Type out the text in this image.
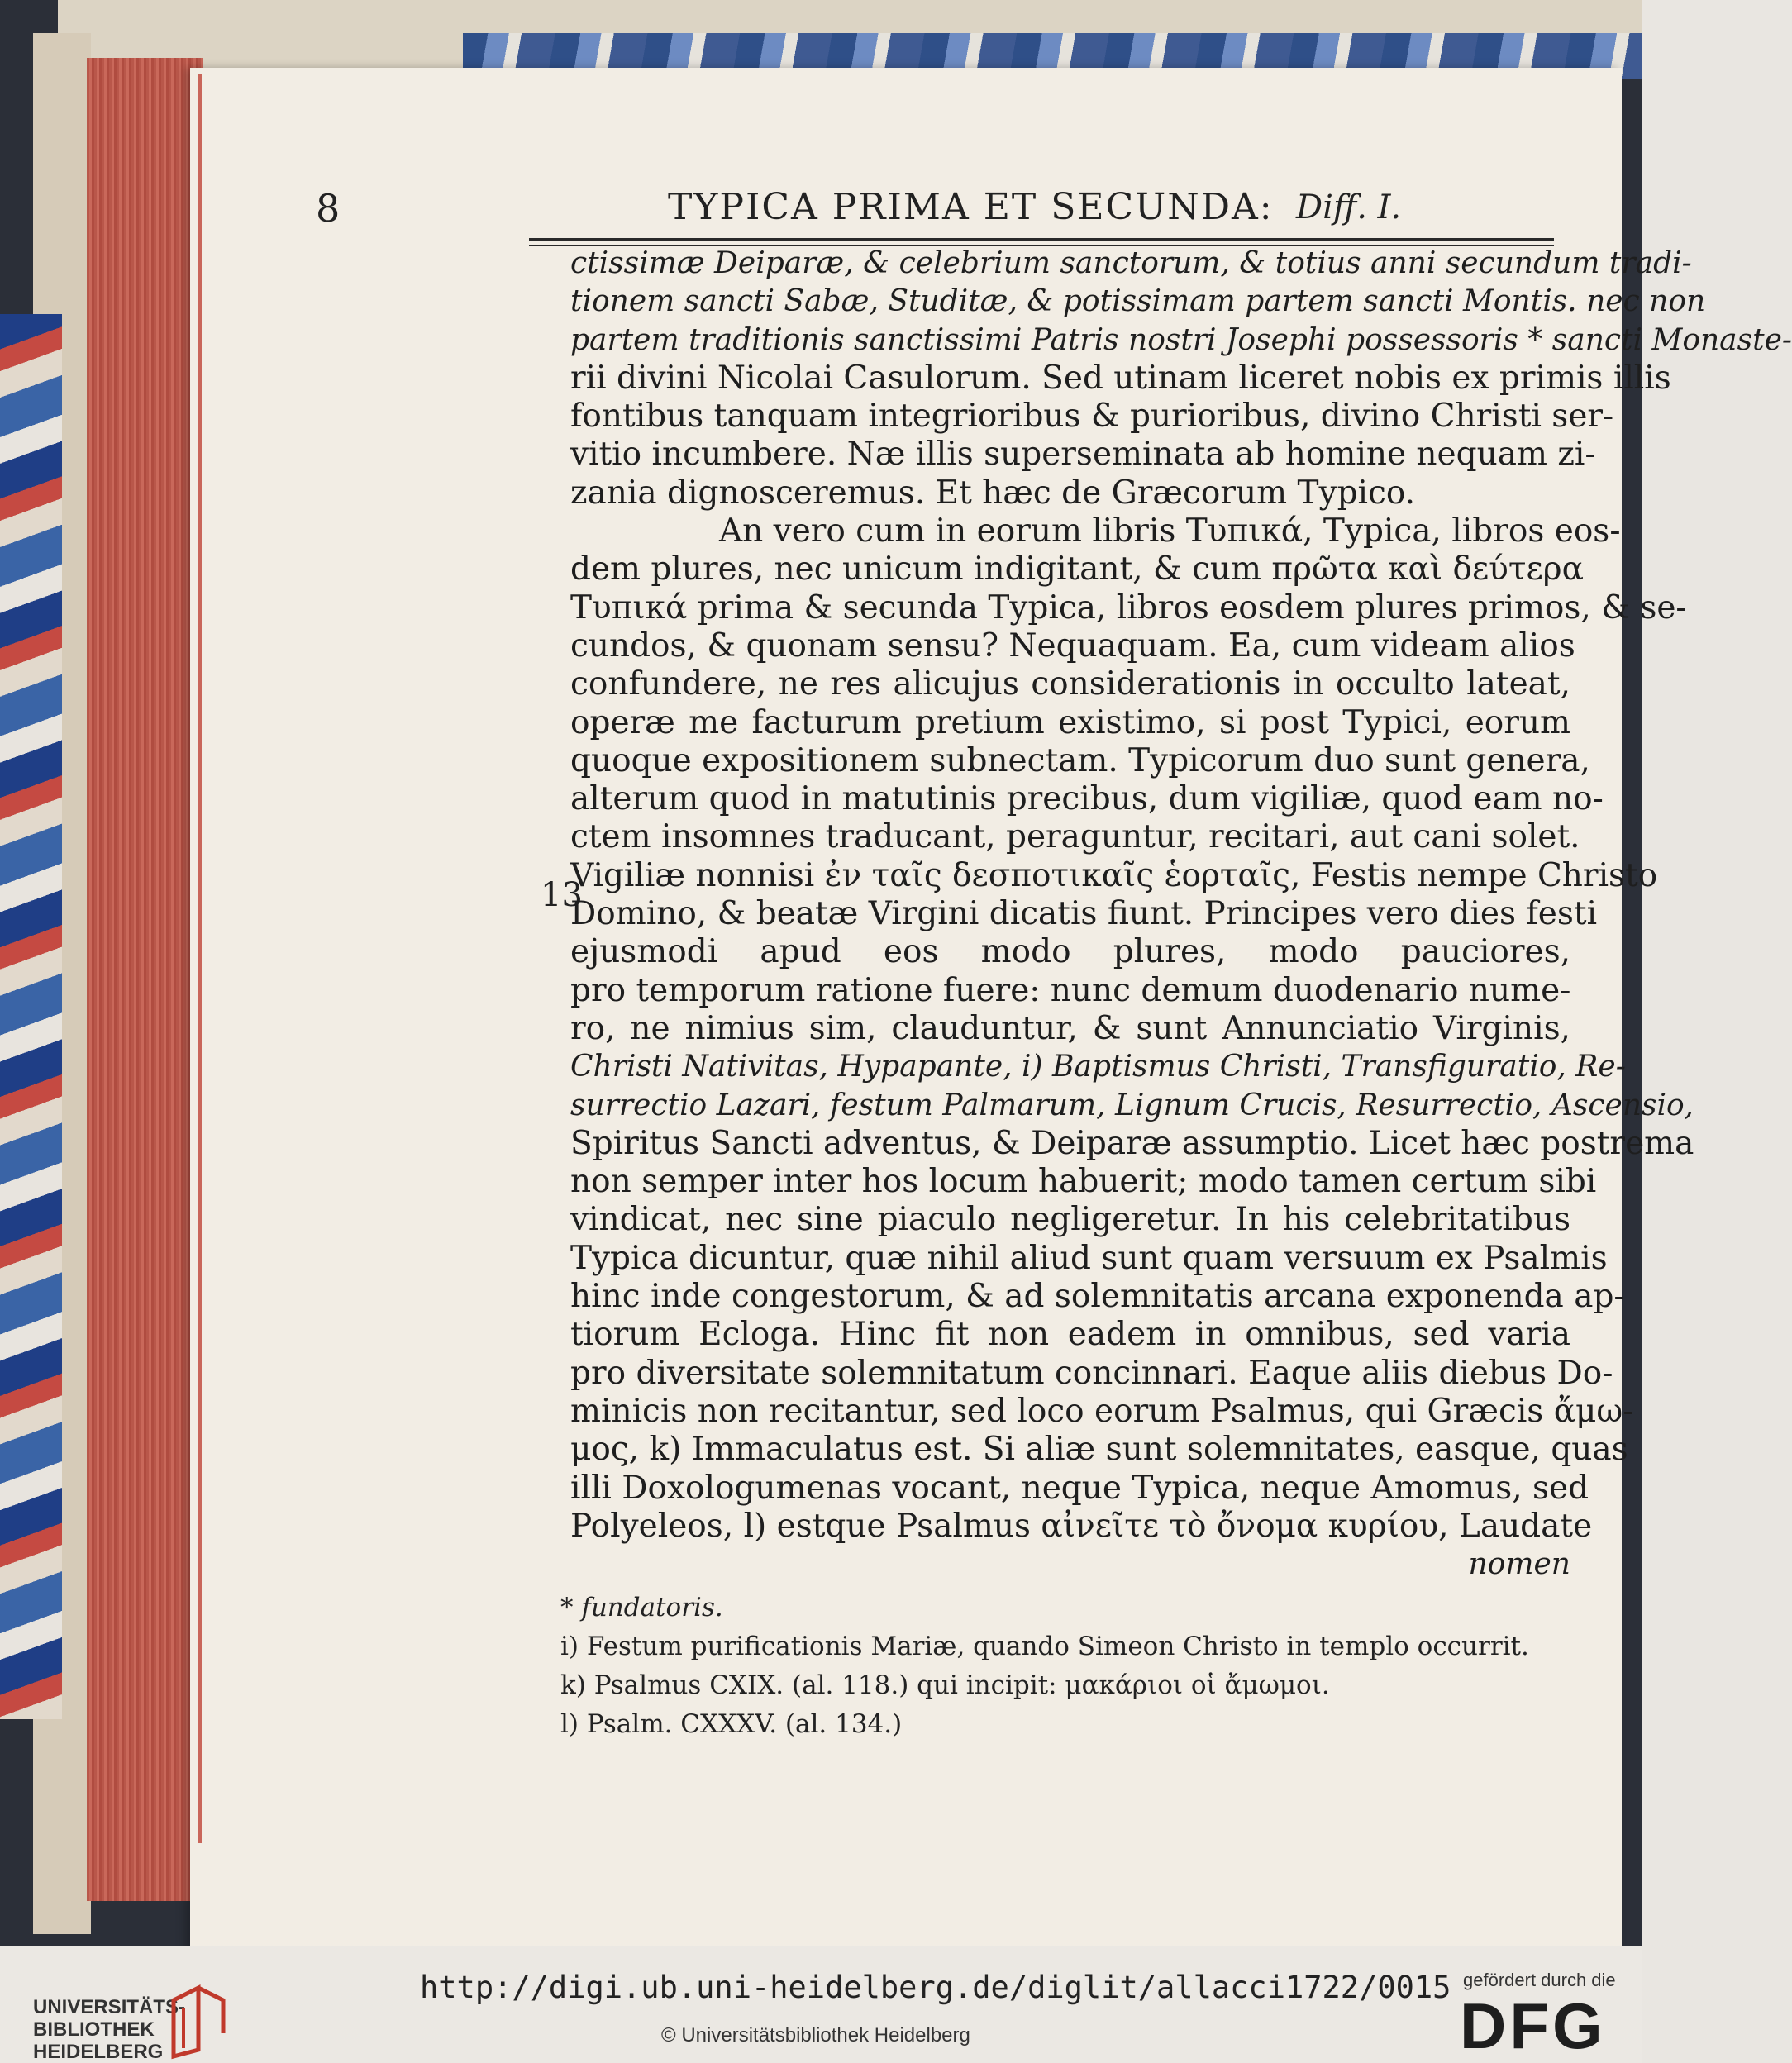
8	TYPICA PRIMA ET SECUNDA: Diff. I.
13
ctissimæ Deiparæ, & celebrium sanctorum, & totius anni secundum tradi-
tionem sancti Sabæ, Studitæ, & potissimam partem sancti Montis. nec non
partem traditionis sanctissimi Patris nostri Josephi possessoris * sancti Monaste-
rii divini Nicolai Casulorum. Sed utinam liceret nobis ex primis illis
fontibus tanquam integrioribus & purioribus, divino Christi ser-
vitio incumbere. Næ illis superseminata ab homine nequam zi-
zania dignosceremus. Et hæc de Græcorum Typico.
An vero cum in eorum libris Τυπικά, Typica, libros eos-
dem plures, nec unicum indigitant, & cum πρῶτα καὶ δεύτερα
Τυπικά prima & secunda Typica, libros eosdem plures primos, & se-
cundos, & quonam sensu? Nequaquam. Ea, cum videam alios
confundere, ne res alicujus considerationis in occulto lateat,
operæ me facturum pretium existimo, si post Typici, eorum
quoque expositionem subnectam. Typicorum duo sunt genera,
alterum quod in matutinis precibus, dum vigiliæ, quod eam no-
ctem insomnes traducant, peraguntur, recitari, aut cani solet.
Vigiliæ nonnisi ἐν ταῖς δεσποτικαῖς ἑορταῖς, Festis nempe Christo
Domino, & beatæ Virgini dicatis fiunt. Principes vero dies festi
ejusmodi apud eos modo plures, modo pauciores,
pro temporum ratione fuere: nunc demum duodenario nume-
ro, ne nimius sim, clauduntur, & sunt Annunciatio Virginis,
Christi Nativitas, Hypapante, i) Baptismus Christi, Transfiguratio, Re-
surrectio Lazari, festum Palmarum, Lignum Crucis, Resurrectio, Ascensio,
Spiritus Sancti adventus, & Deiparæ assumptio. Licet hæc postrema
non semper inter hos locum habuerit; modo tamen certum sibi
vindicat, nec sine piaculo negligeretur. In his celebritatibus
Typica dicuntur, quæ nihil aliud sunt quam versuum ex Psalmis
hinc inde congestorum, & ad solemnitatis arcana exponenda ap-
tiorum Ecloga. Hinc fit non eadem in omnibus, sed varia
pro diversitate solemnitatum concinnari. Eaque aliis diebus Do-
minicis non recitantur, sed loco eorum Psalmus, qui Græcis ἄμω-
μος, k) Immaculatus est. Si aliæ sunt solemnitates, easque, quas
illi Doxologumenas vocant, neque Typica, neque Amomus, sed
Polyeleos, l) estque Psalmus αἰνεῖτε τὸ ὄνομα κυρίου, Laudate
nomen
* fundatoris.
i) Festum purificationis Mariæ, quando Simeon Christo in templo occurrit.
k) Psalmus CXIX. (al. 118.) qui incipit: μακάριοι οἱ ἄμωμοι.
l) Psalm. CXXXV. (al. 134.)
UNIVERSITÄTS-
BIBLIOTHEK
HEIDELBERG
http://digi.ub.uni-heidelberg.de/diglit/allacci1722/0015
© Universitätsbibliothek Heidelberg
gefördert durch die
DFG
